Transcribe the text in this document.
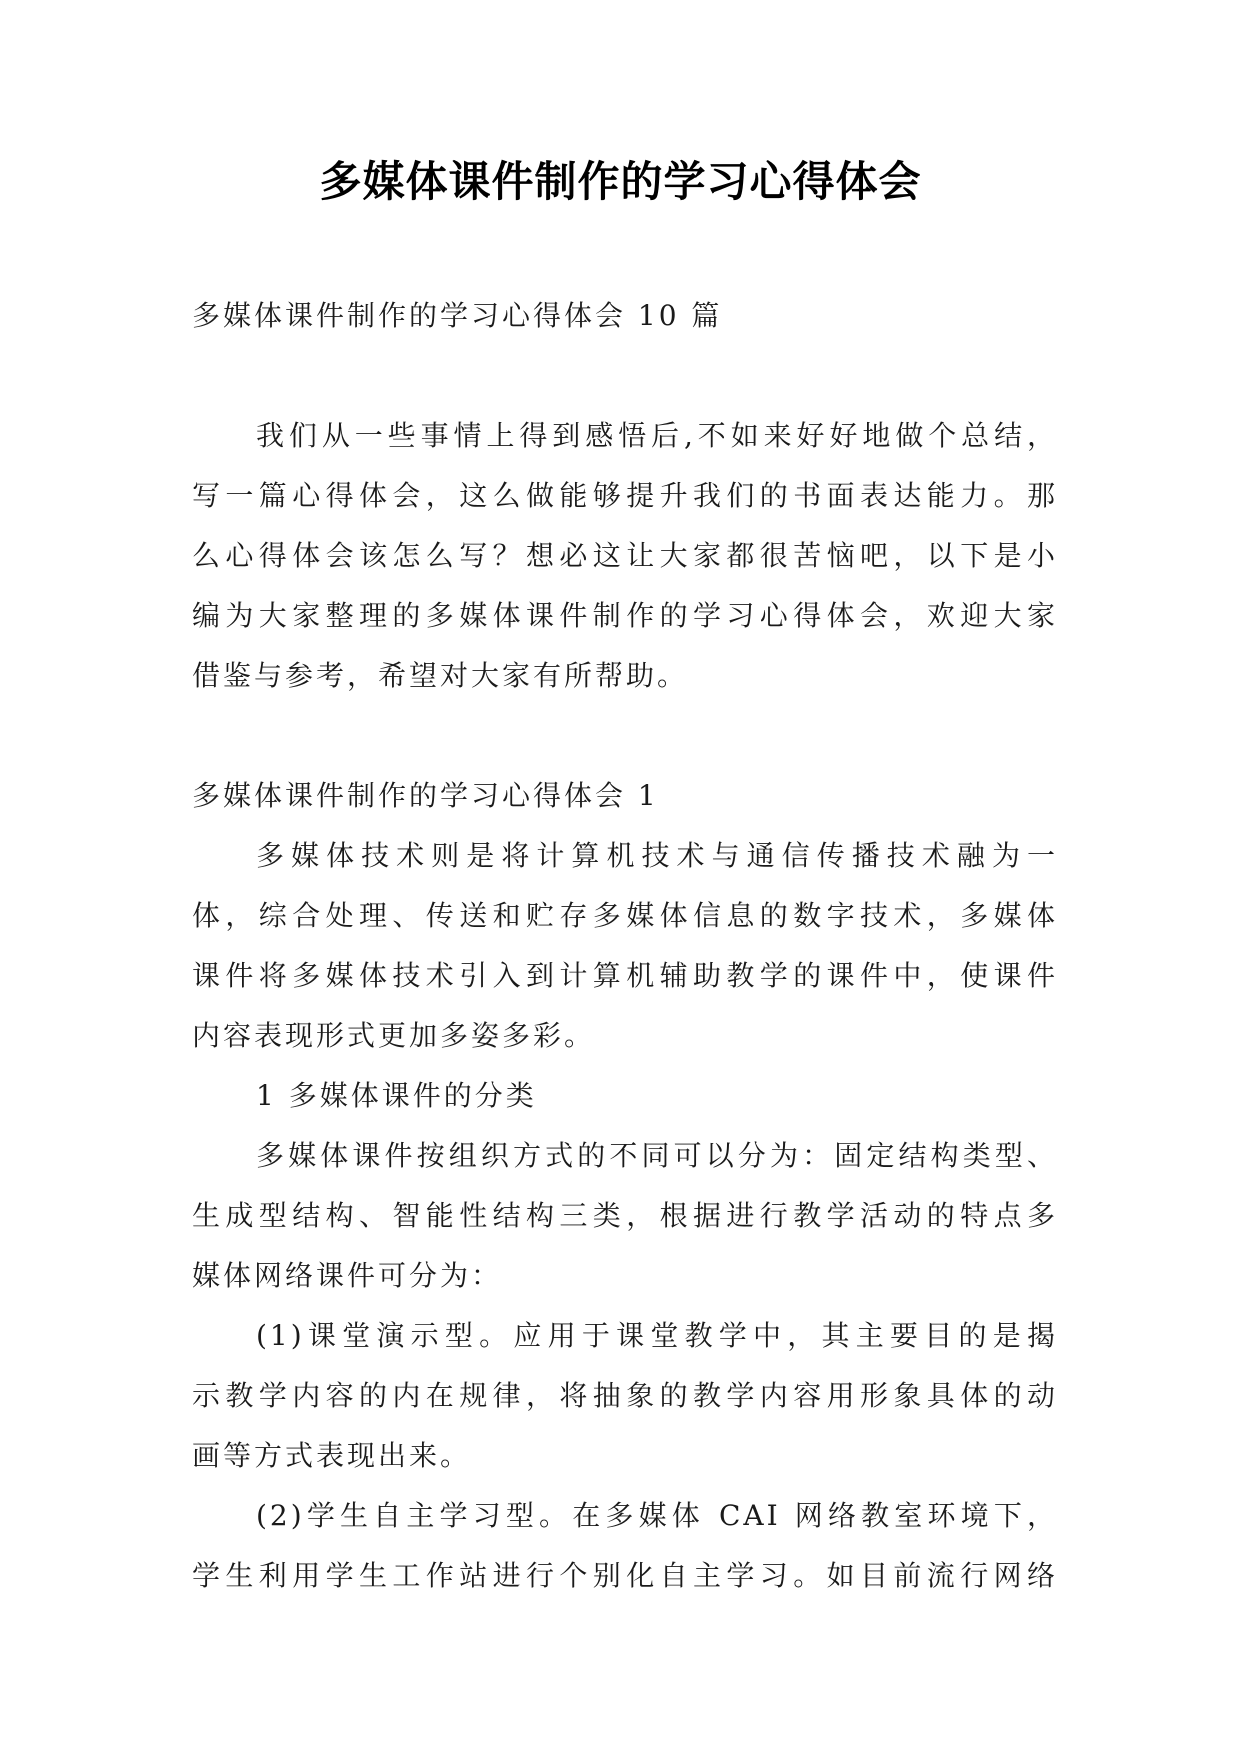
多媒体课件制作的学习心得体会
多媒体课件制作的学习心得体会 10 篇
我们从一些事情上得到感悟后,不如来好好地做个总结，
写一篇心得体会，这么做能够提升我们的书面表达能力。那
么心得体会该怎么写？想必这让大家都很苦恼吧，以下是小
编为大家整理的多媒体课件制作的学习心得体会，欢迎大家
借鉴与参考，希望对大家有所帮助。
多媒体课件制作的学习心得体会 1
多媒体技术则是将计算机技术与通信传播技术融为一
体，综合处理、传送和贮存多媒体信息的数字技术，多媒体
课件将多媒体技术引入到计算机辅助教学的课件中，使课件
内容表现形式更加多姿多彩。
1 多媒体课件的分类
多媒体课件按组织方式的不同可以分为：固定结构类型、
生成型结构、智能性结构三类，根据进行教学活动的特点多
媒体网络课件可分为：
(1)课堂演示型。应用于课堂教学中，其主要目的是揭
示教学内容的内在规律，将抽象的教学内容用形象具体的动
画等方式表现出来。
(2)学生自主学习型。在多媒体 CAI 网络教室环境下，
学生利用学生工作站进行个别化自主学习。如目前流行网络
